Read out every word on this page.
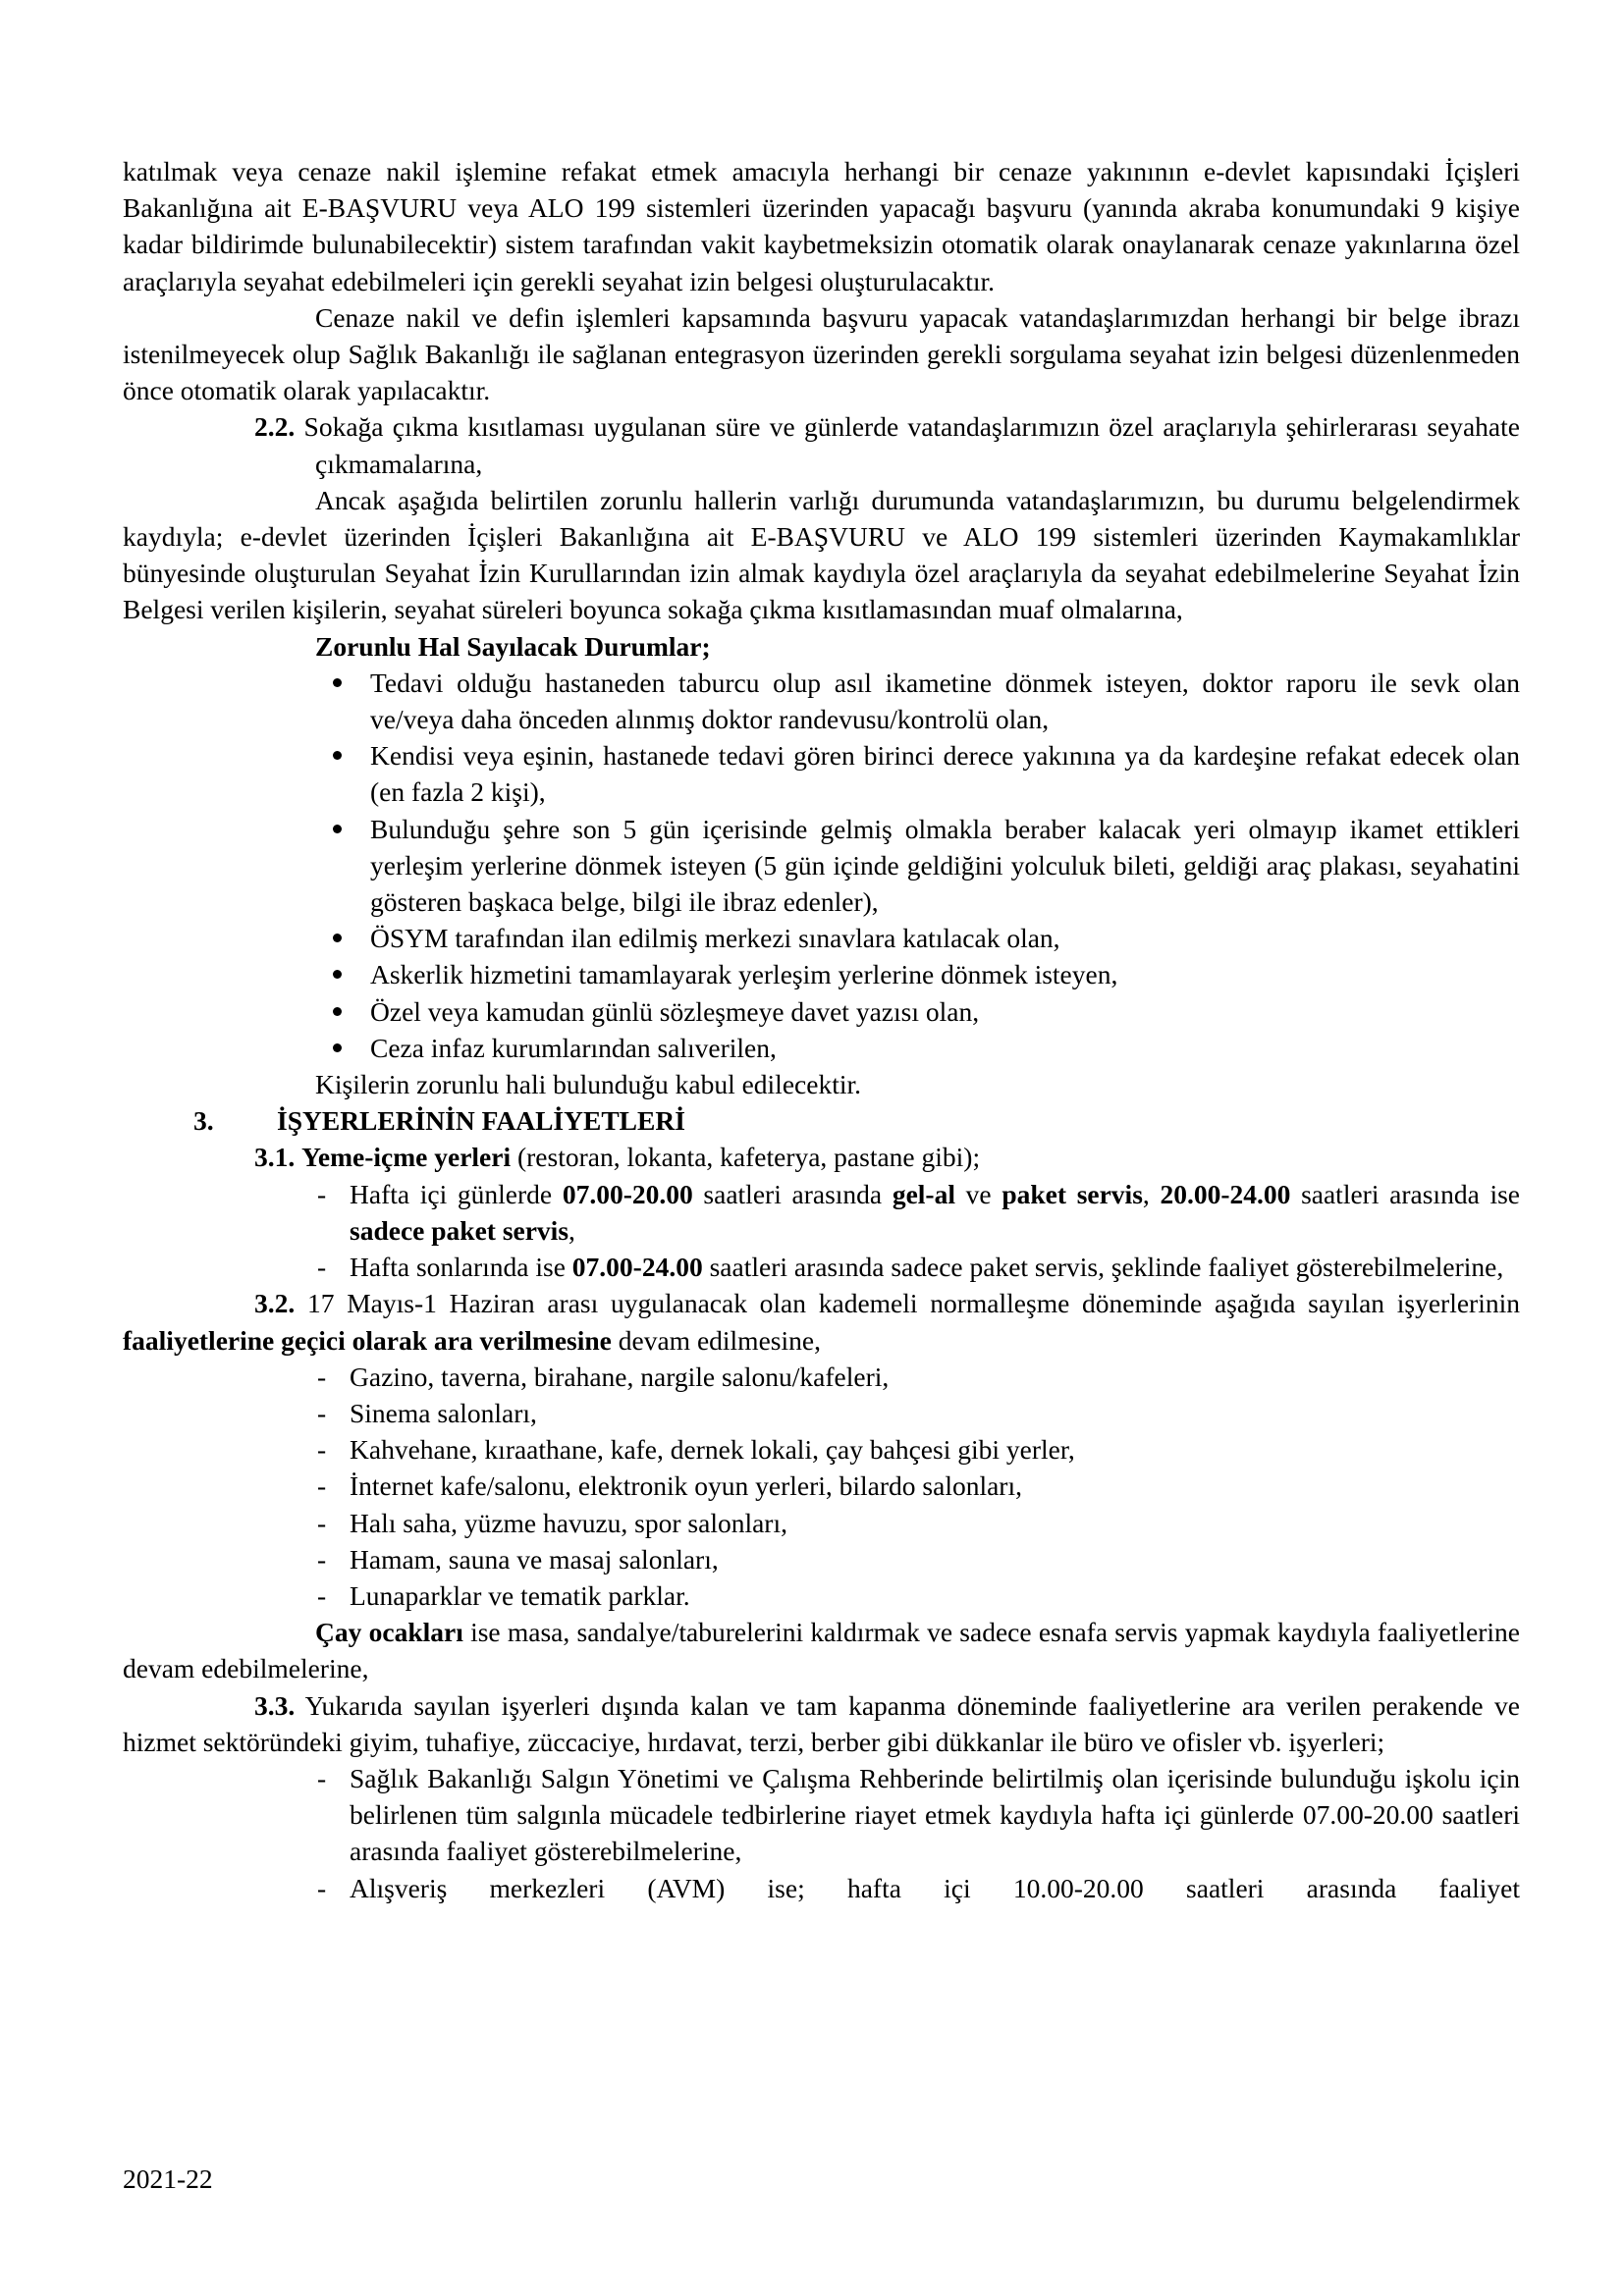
katılmak veya cenaze nakil işlemine refakat etmek amacıyla herhangi bir cenaze yakınının e-devlet kapısındaki İçişleri Bakanlığına ait E-BAŞVURU veya ALO 199 sistemleri üzerinden yapacağı başvuru (yanında akraba konumundaki 9 kişiye kadar bildirimde bulunabilecektir) sistem tarafından vakit kaybetmeksizin otomatik olarak onaylanarak cenaze yakınlarına özel araçlarıyla seyahat edebilmeleri için gerekli seyahat izin belgesi oluşturulacaktır.

Cenaze nakil ve defin işlemleri kapsamında başvuru yapacak vatandaşlarımızdan herhangi bir belge ibrazı istenilmeyecek olup Sağlık Bakanlığı ile sağlanan entegrasyon üzerinden gerekli sorgulama seyahat izin belgesi düzenlenmeden önce otomatik olarak yapılacaktır.

2.2. Sokağa çıkma kısıtlaması uygulanan süre ve günlerde vatandaşlarımızın özel araçlarıyla şehirlerarası seyahate çıkmamalarına,

Ancak aşağıda belirtilen zorunlu hallerin varlığı durumunda vatandaşlarımızın, bu durumu belgelendirmek kaydıyla; e-devlet üzerinden İçişleri Bakanlığına ait E-BAŞVURU ve ALO 199 sistemleri üzerinden Kaymakamlıklar bünyesinde oluşturulan Seyahat İzin Kurullarından izin almak kaydıyla özel araçlarıyla da seyahat edebilmelerine Seyahat İzin Belgesi verilen kişilerin, seyahat süreleri boyunca sokağa çıkma kısıtlamasından muaf olmalarına,

Zorunlu Hal Sayılacak Durumlar;

Tedavi olduğu hastaneden taburcu olup asıl ikametine dönmek isteyen, doktor raporu ile sevk olan ve/veya daha önceden alınmış doktor randevusu/kontrolü olan,
Kendisi veya eşinin, hastanede tedavi gören birinci derece yakınına ya da kardeşine refakat edecek olan (en fazla 2 kişi),
Bulunduğu şehre son 5 gün içerisinde gelmiş olmakla beraber kalacak yeri olmayıp ikamet ettikleri yerleşim yerlerine dönmek isteyen (5 gün içinde geldiğini yolculuk bileti, geldiği araç plakası, seyahatini gösteren başkaca belge, bilgi ile ibraz edenler),
ÖSYM tarafından ilan edilmiş merkezi sınavlara katılacak olan,
Askerlik hizmetini tamamlayarak yerleşim yerlerine dönmek isteyen,
Özel veya kamudan günlü sözleşmeye davet yazısı olan,
Ceza infaz kurumlarından salıverilen,

Kişilerin zorunlu hali bulunduğu kabul edilecektir.

3. İŞYERLERİNİN FAALİYETLERİ

3.1. Yeme-içme yerleri (restoran, lokanta, kafeterya, pastane gibi);

- Hafta içi günlerde 07.00-20.00 saatleri arasında gel-al ve paket servis, 20.00-24.00 saatleri arasında ise sadece paket servis,
- Hafta sonlarında ise 07.00-24.00 saatleri arasında sadece paket servis, şeklinde faaliyet gösterebilmelerine,

3.2. 17 Mayıs-1 Haziran arası uygulanacak olan kademeli normalleşme döneminde aşağıda sayılan işyerlerinin faaliyetlerine geçici olarak ara verilmesine devam edilmesine,

- Gazino, taverna, birahane, nargile salonu/kafeleri,
- Sinema salonları,
- Kahvehane, kıraathane, kafe, dernek lokali, çay bahçesi gibi yerler,
- İnternet kafe/salonu, elektronik oyun yerleri, bilardo salonları,
- Halı saha, yüzme havuzu, spor salonları,
- Hamam, sauna ve masaj salonları,
- Lunaparklar ve tematik parklar.

Çay ocakları ise masa, sandalye/taburelerini kaldırmak ve sadece esnafa servis yapmak kaydıyla faaliyetlerine devam edebilmelerine,

3.3. Yukarıda sayılan işyerleri dışında kalan ve tam kapanma döneminde faaliyetlerine ara verilen perakende ve hizmet sektöründeki giyim, tuhafiye, züccaciye, hırdavat, terzi, berber gibi dükkanlar ile büro ve ofisler vb. işyerleri;

- Sağlık Bakanlığı Salgın Yönetimi ve Çalışma Rehberinde belirtilmiş olan içerisinde bulunduğu işkolu için belirlenen tüm salgınla mücadele tedbirlerine riayet etmek kaydıyla hafta içi günlerde 07.00-20.00 saatleri arasında faaliyet gösterebilmelerine,
- Alışveriş merkezleri (AVM) ise; hafta içi 10.00-20.00 saatleri arasında faaliyet
2021-22
